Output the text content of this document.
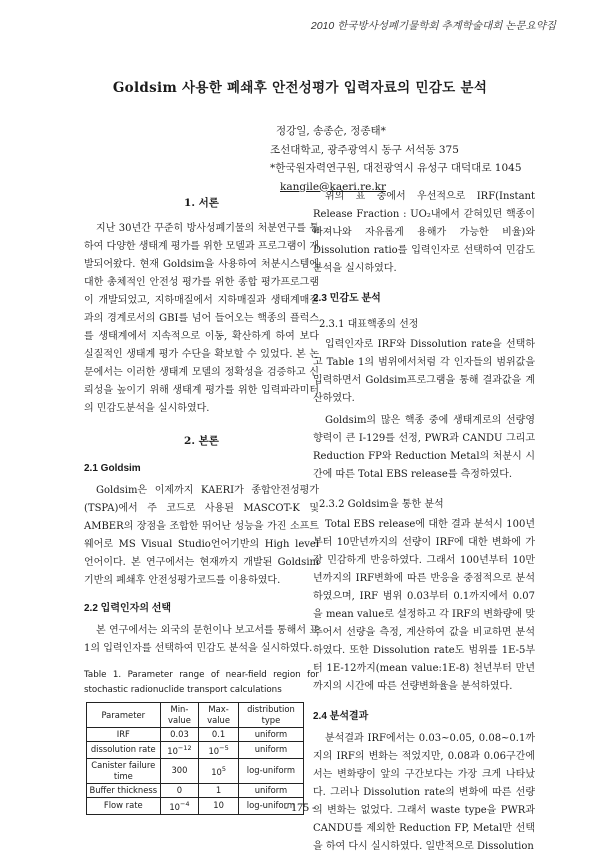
2010 한국방사성폐기물학회 추계학술대회 논문요약집
Goldsim 사용한 폐쇄후 안전성평가 입력자료의 민감도 분석
정강일, 송종순, 정종태*
조선대학교, 광주광역시 동구 서석동 375
*한국원자력연구원, 대전광역시 유성구 대덕대로 1045
kangile@kaeri.re.kr
1. 서론

지난 30년간 꾸준히 방사성폐기물의 처분연구를 통하여 다양한 생태계 평가를 위한 모델과 프로그램이 개발되어왔다. 현재 Goldsim을 사용하여 처분시스템에 대한 총체적인 안전성 평가를 위한 종합 평가프로그램이 개발되었고, 지하매질에서 지하매질과 생태계매질과의 경계로서의 GBI를 넘어 들어오는 핵종의 플럭스를 생태계에서 지속적으로 이동, 확산하게 하여 보다 실질적인 생태계 평가 수단을 확보할 수 있었다. 본 논문에서는 이러한 생태계 모델의 정확성을 검증하고 신뢰성을 높이기 위해 생태계 평가를 위한 입력파라미터의 민감도분석을 실시하였다.

2. 본론
2.1 Goldsim

Goldsim은 이제까지 KAERI가 종합안전성평가(TSPA)에서 주 코드로 사용된 MASCOT-K 및 AMBER의 장점을 조합한 뛰어난 성능을 가진 소프트웨어로 MS Visual Studio언어기반의 High level 언어이다. 본 연구에서는 현재까지 개발된 Goldsim 기반의 폐쇄후 안전성평가코드를 이용하였다.

2.2 입력인자의 선택

본 연구에서는 외국의 문헌이나 보고서를 통해서 표 1의 입력인자를 선택하여 민감도 분석을 실시하였다.

Table 1. Parameter range of near-field region for stochastic radionuclide transport calculations
Parameter	Min-value	Max-value	distribution type
IRF	0.03	0.1	uniform
dissolution rate	$10^{-12}$	$10^{-5}$	uniform
Canister failure time	300	$10^5$	log-uniform
Buffer thickness	0	1	uniform
Flow rate	$10^{-4}$	10	log-uniform

위의 표 중에서 우선적으로 IRF(Instant Release Fraction : UO₂내에서 갇혀있던 핵종이 빠져나와 자유롭게 용해가 가능한 비율)와 Dissolution ratio를 입력인자로 선택하여 민감도 분석을 실시하였다.

2.3 민감도 분석
2.3.1 대표핵종의 선정

입력인자로 IRF와 Dissolution rate을 선택하고 Table 1의 범위에서처럼 각 인자들의 범위값을 입력하면서 Goldsim프로그램을 통해 결과값을 계산하였다.

Goldsim의 많은 핵종 중에 생태계로의 선량영향력이 큰 I-129를 선정, PWR과 CANDU 그리고 Reduction FP와 Reduction Metal의 처분시 시간에 따른 Total EBS release를 측정하였다.

2.3.2 Goldsim을 통한 분석

Total EBS release에 대한 결과 분석시 100년부터 10만년까지의 선량이 IRF에 대한 변화에 가장 민감하게 반응하였다. 그래서 100년부터 10만년까지의 IRF변화에 따른 반응을 중점적으로 분석하였으며, IRF 범위 0.03부터 0.1까지에서 0.07을 mean value로 설정하고 각 IRF의 변화량에 맞추어서 선량을 측정, 계산하여 값을 비교하면 분석하였다. 또한 Dissolution rate도 범위를 1E-5부터 1E-12까지(mean value:1E-8) 천년부터 만년까지의 시간에 따른 선량변화율을 분석하였다.

2.4 분석결과

분석결과 IRF에서는 0.03~0.05, 0.08~0.1까지의 IRF의 변화는 적었지만, 0.08과 0.06구간에서는 변화량이 앞의 구간보다는 가장 크게 나타났다. 그러나 Dissolution rate의 변화에 따른 선량의 변화는 없었다. 그래서 waste type을 PWR과 CANDU를 제외한 Reduction FP, Metal만 선택을 하여 다시 실시하였다. 일반적으로 Dissolution

- 175 -
